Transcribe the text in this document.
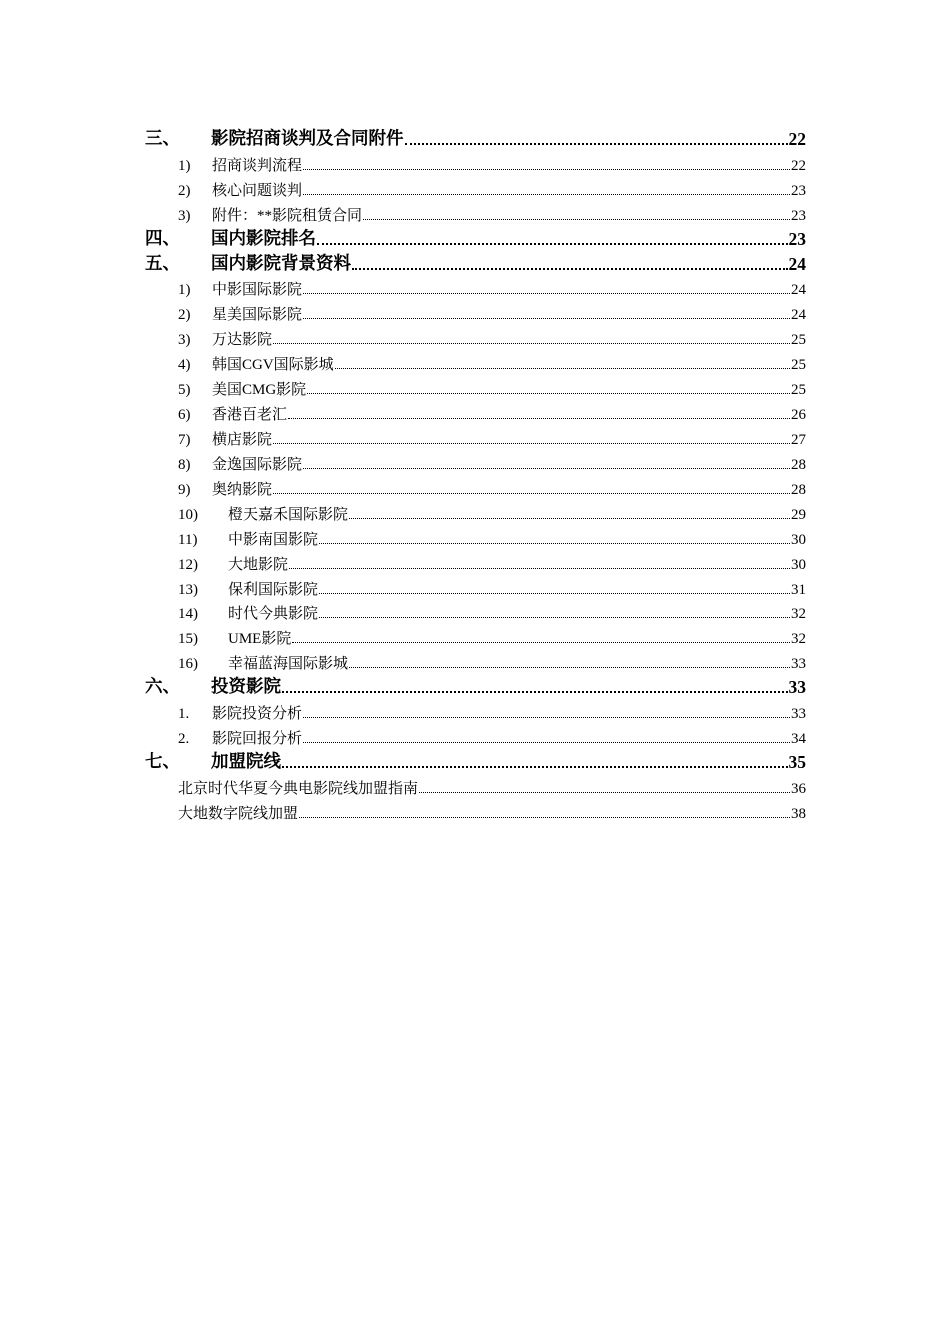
三、	影院招商谈判及合同附件	22
1)	招商谈判流程	22
2)	核心问题谈判	23
3)	附件：**影院租赁合同	23
四、	国内影院排名	23
五、	国内影院背景资料	24
1)	中影国际影院	24
2)	星美国际影院	24
3)	万达影院	25
4)	韩国CGV国际影城	25
5)	美国CMG影院	25
6)	香港百老汇	26
7)	横店影院	27
8)	金逸国际影院	28
9)	奥纳影院	28
10)	橙天嘉禾国际影院	29
11)	中影南国影院	30
12)	大地影院	30
13)	保利国际影院	31
14)	时代今典影院	32
15)	UME影院	32
16)	幸福蓝海国际影城	33
六、	投资影院	33
1.	影院投资分析	33
2.	影院回报分析	34
七、	加盟院线	35
北京时代华夏今典电影院线加盟指南	36
大地数字院线加盟	38
